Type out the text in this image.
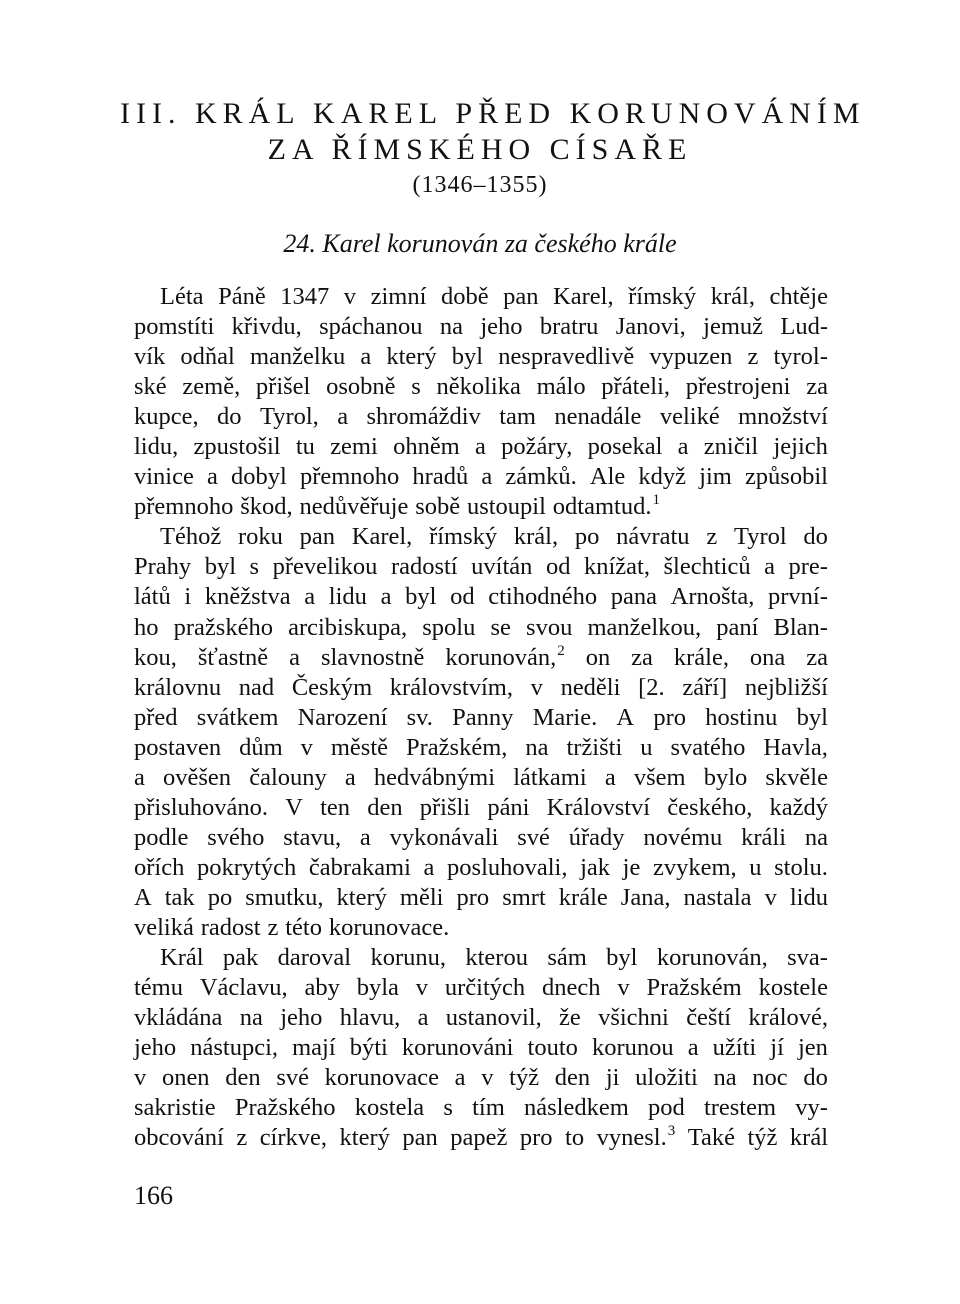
III. KRÁL KAREL PŘED KORUNOVÁNÍM
ZA ŘÍMSKÉHO CÍSAŘE
(1346–1355)
24. Karel korunován za českého krále
Léta Páně 1347 v zimní době pan Karel, římský král, chtěje
pomstíti křivdu, spáchanou na jeho bratru Janovi, jemuž Lud-
vík odňal manželku a který byl nespravedlivě vypuzen z tyrol-
ské země, přišel osobně s několika málo přáteli, přestrojeni za
kupce, do Tyrol, a shromáždiv tam nenadále veliké množství
lidu, zpustošil tu zemi ohněm a požáry, posekal a zničil jejich
vinice a dobyl přemnoho hradů a zámků. Ale když jim způsobil
přemnoho škod, nedůvěřuje sobě ustoupil odtamtud.$^1$
Téhož roku pan Karel, římský král, po návratu z Tyrol do
Prahy byl s převelikou radostí uvítán od knížat, šlechticů a pre-
látů i kněžstva a lidu a byl od ctihodného pana Arnošta, první-
ho pražského arcibiskupa, spolu se svou manželkou, paní Blan-
kou, šťastně a slavnostně korunován,$^2$ on za krále, ona za
královnu nad Českým královstvím, v neděli [2. září] nejbližší
před svátkem Narození sv. Panny Marie. A pro hostinu byl
postaven dům v městě Pražském, na tržišti u svatého Havla,
a ověšen čalouny a hedvábnými látkami a všem bylo skvěle
přisluhováno. V ten den přišli páni Království českého, každý
podle svého stavu, a vykonávali své úřady novému králi na
ořích pokrytých čabrakami a posluhovali, jak je zvykem, u stolu.
A tak po smutku, který měli pro smrt krále Jana, nastala v lidu
veliká radost z této korunovace.
Král pak daroval korunu, kterou sám byl korunován, sva-
tému Václavu, aby byla v určitých dnech v Pražském kostele
vkládána na jeho hlavu, a ustanovil, že všichni čeští králové,
jeho nástupci, mají býti korunováni touto korunou a užíti jí jen
v onen den své korunovace a v týž den ji uložiti na noc do
sakristie Pražského kostela s tím následkem pod trestem vy-
obcování z církve, který pan papež pro to vynesl.$^3$ Také týž král
166
